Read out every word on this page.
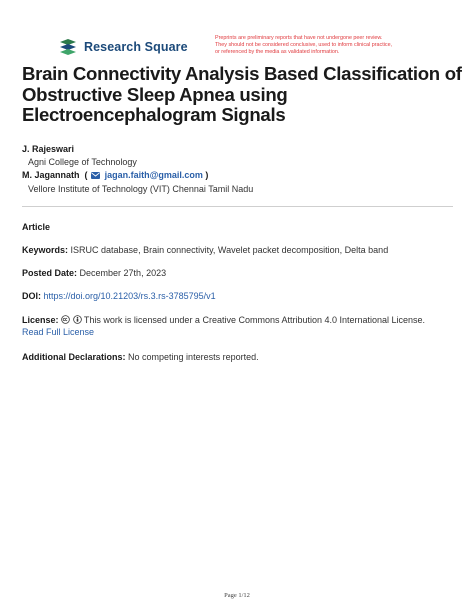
Research Square
Preprints are preliminary reports that have not undergone peer review.
They should not be considered conclusive, used to inform clinical practice,
or referenced by the media as validated information.
Brain Connectivity Analysis Based Classification of
Obstructive Sleep Apnea using
Electroencephalogram Signals
J. Rajeswari
Agni College of Technology
M. Jagannath  ( jagan.faith@gmail.com )
Vellore Institute of Technology (VIT) Chennai Tamil Nadu
Article
Keywords: ISRUC database, Brain connectivity, Wavelet packet decomposition, Delta band
Posted Date: December 27th, 2023
DOI: https://doi.org/10.21203/rs.3.rs-3785795/v1
License:	This work is licensed under a Creative Commons Attribution 4.0 International License.
Read Full License
Additional Declarations: No competing interests reported.
Page 1/12
